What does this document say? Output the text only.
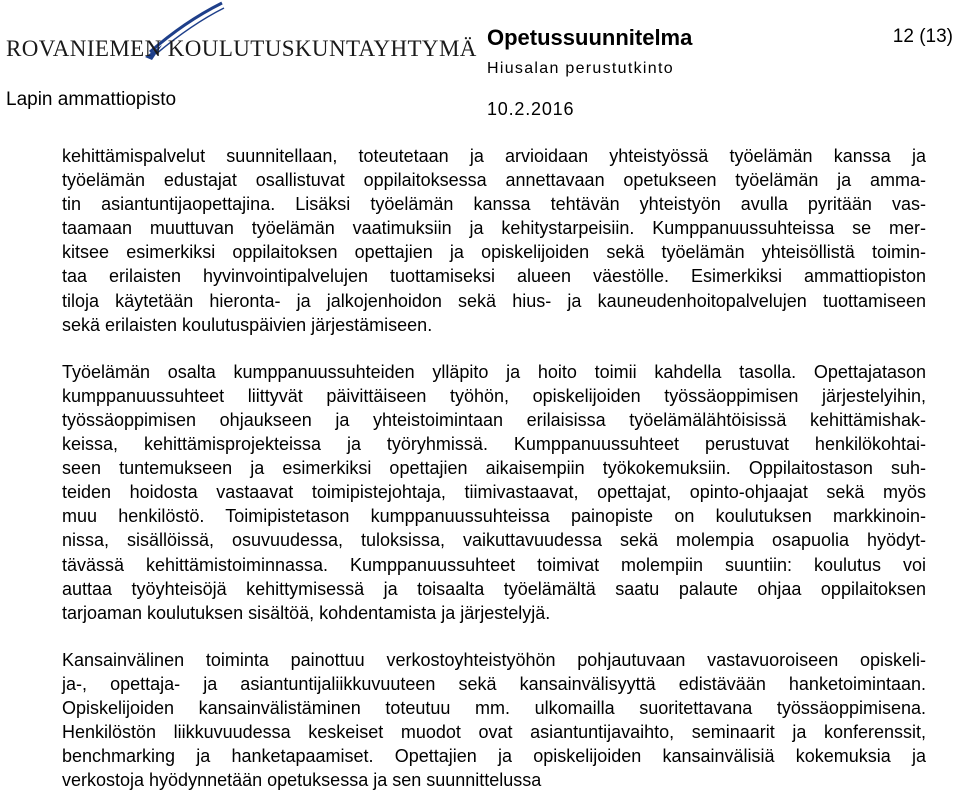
ROVANIEMEN KOULUTUSKUNTAYHTYMÄ
Lapin ammattiopisto
Opetussuunnitelma
Hiusalan perustutkinto
10.2.2016
12 (13)

kehittämispalvelut suunnitellaan, toteutetaan ja arvioidaan yhteistyössä työelämän kanssa ja
työelämän edustajat osallistuvat oppilaitoksessa annettavaan opetukseen työelämän ja amma-
tin asiantuntijaopettajina. Lisäksi työelämän kanssa tehtävän yhteistyön avulla pyritään vas-
taamaan muuttuvan työelämän vaatimuksiin ja kehitystarpeisiin. Kumppanuussuhteissa se mer-
kitsee esimerkiksi oppilaitoksen opettajien ja opiskelijoiden sekä työelämän yhteisöllistä toimin-
taa erilaisten hyvinvointipalvelujen tuottamiseksi alueen väestölle. Esimerkiksi ammattiopiston
tiloja käytetään hieronta- ja jalkojenhoidon sekä hius- ja kauneudenhoitopalvelujen tuottamiseen
sekä erilaisten koulutuspäivien järjestämiseen.

Työelämän osalta kumppanuussuhteiden ylläpito ja hoito toimii kahdella tasolla. Opettajatason
kumppanuussuhteet liittyvät päivittäiseen työhön, opiskelijoiden työssäoppimisen järjestelyihin,
työssäoppimisen ohjaukseen ja yhteistoimintaan erilaisissa työelämälähtöisissä kehittämishak-
keissa, kehittämisprojekteissa ja työryhmissä. Kumppanuussuhteet perustuvat henkilökohtai-
seen tuntemukseen ja esimerkiksi opettajien aikaisempiin työkokemuksiin. Oppilaitostason suh-
teiden hoidosta vastaavat toimipistejohtaja, tiimivastaavat, opettajat, opinto-ohjaajat sekä myös
muu henkilöstö. Toimipistetason kumppanuussuhteissa painopiste on koulutuksen markkinoin-
nissa, sisällöissä, osuvuudessa, tuloksissa, vaikuttavuudessa sekä molempia osapuolia hyödyt-
tävässä kehittämistoiminnassa. Kumppanuussuhteet toimivat molempiin suuntiin: koulutus voi
auttaa työyhteisöjä kehittymisessä ja toisaalta työelämältä saatu palaute ohjaa oppilaitoksen
tarjoaman koulutuksen sisältöä, kohdentamista ja järjestelyjä.

Kansainvälinen toiminta painottuu verkostoyhteistyöhön pohjautuvaan vastavuoroiseen opiskeli-
ja-, opettaja- ja asiantuntijaliikkuvuuteen sekä kansainvälisyyttä edistävään hanketoimintaan.
Opiskelijoiden kansainvälistäminen toteutuu mm. ulkomailla suoritettavana työssäoppimisena.
Henkilöstön liikkuvuudessa keskeiset muodot ovat asiantuntijavaihto, seminaarit ja konferenssit,
benchmarking ja hanketapaamiset. Opettajien ja opiskelijoiden kansainvälisiä kokemuksia ja
verkostoja hyödynnetään opetuksessa ja sen suunnittelussa
